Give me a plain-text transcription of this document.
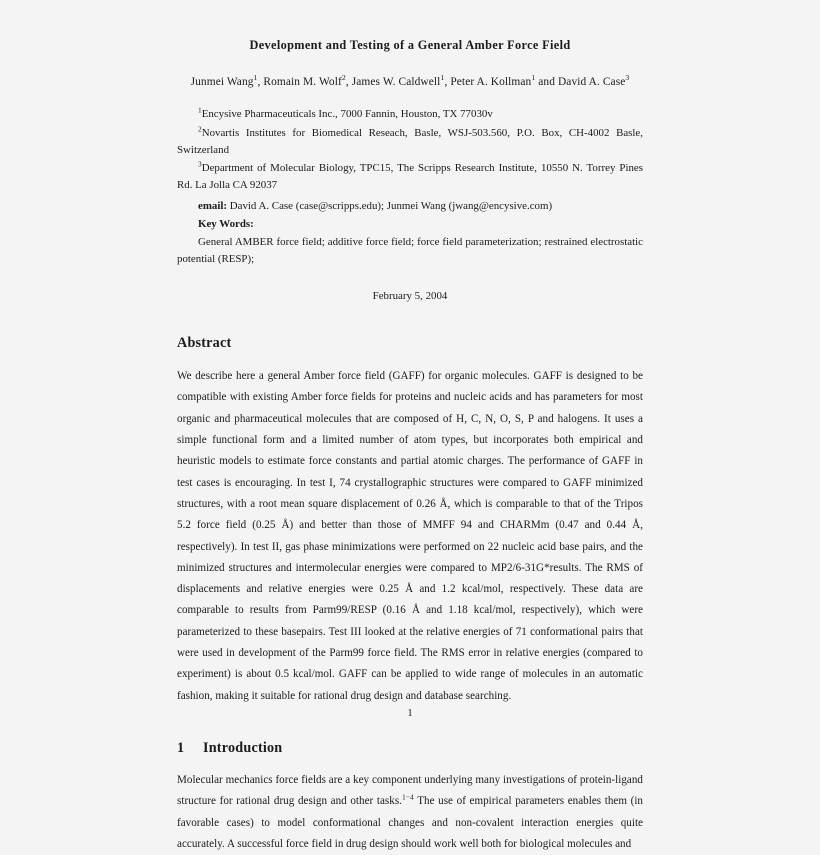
Development and Testing of a General Amber Force Field
Junmei Wang$^1$, Romain M. Wolf$^2$, James W. Caldwell$^1$, Peter A. Kollman$^1$ and David A. Case$^3$

$^1$Encysive Pharmaceuticals Inc., 7000 Fannin, Houston, TX 77030v

$^2$Novartis Institutes for Biomedical Reseach, Basle, WSJ-503.560, P.O. Box, CH-4002 Basle, Switzerland

$^3$Department of Molecular Biology, TPC15, The Scripps Research Institute, 10550 N. Torrey Pines Rd. La Jolla CA 92037

email: David A. Case (case@scripps.edu); Junmei Wang (jwang@encysive.com)

Key Words:

General AMBER force field; additive force field; force field parameterization; restrained electrostatic potential (RESP);

February 5, 2004
Abstract

We describe here a general Amber force field (GAFF) for organic molecules. GAFF is designed to be compatible with existing Amber force fields for proteins and nucleic acids and has parameters for most organic and pharmaceutical molecules that are composed of H, C, N, O, S, P and halogens. It uses a simple functional form and a limited number of atom types, but incorporates both empirical and heuristic models to estimate force constants and partial atomic charges. The performance of GAFF in test cases is encouraging. In test I, 74 crystallographic structures were compared to GAFF minimized structures, with a root mean square displacement of 0.26 Å, which is comparable to that of the Tripos 5.2 force field (0.25 Å) and better than those of MMFF 94 and CHARMm (0.47 and 0.44 Å, respectively). In test II, gas phase minimizations were performed on 22 nucleic acid base pairs, and the minimized structures and intermolecular energies were compared to MP2/6-31G*results. The RMS of displacements and relative energies were 0.25 Å and 1.2 kcal/mol, respectively. These data are comparable to results from Parm99/RESP (0.16 Å and 1.18 kcal/mol, respectively), which were parameterized to these basepairs. Test III looked at the relative energies of 71 conformational pairs that were used in development of the Parm99 force field. The RMS error in relative energies (compared to experiment) is about 0.5 kcal/mol. GAFF can be applied to wide range of molecules in an automatic fashion, making it suitable for rational drug design and database searching.

1 Introduction

Molecular mechanics force fields are a key component underlying many investigations of protein-ligand structure for rational drug design and other tasks.$^{1-4}$ The use of empirical parameters enables them (in favorable cases) to model conformational changes and non-covalent interaction energies quite accurately. A successful force field in drug design should work well both for biological molecules and

1
